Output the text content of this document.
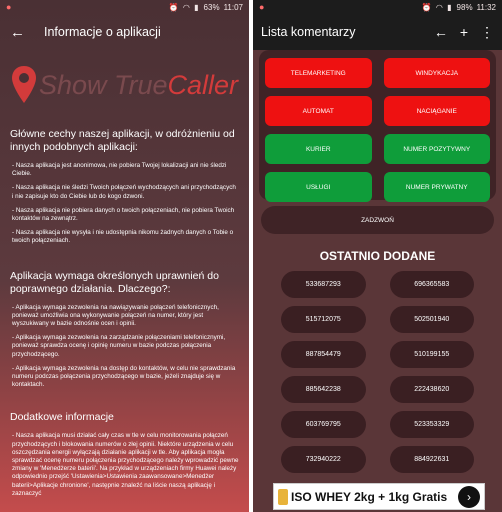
●	⏰ ◠ ▮ 63% 11:07
←	Informacje o aplikacji
Show TrueCaller
Główne cechy naszej aplikacji, w odróżnieniu od innych podobnych aplikacji:
- Nasza aplikacja jest anonimowa, nie pobiera Twojej lokalizacji ani nie śledzi Ciebie.
- Nasza aplikacja nie śledzi Twoich połączeń wychodzących ani przychodzących i nie zapisuje kto do Ciebie lub do kogo dzwoni.
- Nasza aplikacja nie pobiera danych o twoich połączeniach, nie pobiera Twoich kontaktów na zewnątrz.
- Nasza aplikacja nie wysyła i nie udostępnia nikomu żadnych danych o Tobie o twoich połączeniach.
Aplikacja wymaga określonych uprawnień do poprawnego działania. Dlaczego?:
- Aplikacja wymaga zezwolenia na nawiązywanie połączeń telefonicznych, ponieważ umożliwia ona wykonywanie połączeń na numer, który jest wyszukiwany w bazie odnośnie ocen i opinii.
- Aplikacja wymaga zezwolenia na zarządzanie połączeniami telefonicznymi, ponieważ sprawdza ocenę i opinię numeru w bazie podczas połączenia przychodzącego.
- Aplikacja wymaga zezwolenia na dostęp do kontaktów, w celu nie sprawdzania numeru podczas połączenia przychodzącego w bazie, jeżeli znajduje się w kontaktach.
Dodatkowe informacje
- Nasza aplikacja musi działać cały czas w tle w celu monitorowania połączeń przychodzących i blokowania numerów o złej opinii. Niektóre urządzenia w celu oszczędzania energii wyłączają działanie aplikacji w tle. Aby aplikacja mogła sprawdzać ocenę numeru połączenia przychodzącego należy wprowadzić pewne zmiany w 'Menedżerze baterii'. Na przykład w urządzeniach firmy Huawei należy odpowiednio przejść 'Ustawienia>Ustawienia zaawansowane>Menedżer baterii>Aplikacje chronione', następnie znaleźć na liście naszą aplikację i zaznaczyć
●	⏰ ◠ ▮ 98% 11:32
Lista komentarzy	← + ⋮
TELEMARKETING	WINDYKACJA
AUTOMAT	NACIĄGANIE
KURIER	NUMER POZYTYWNY
USŁUGI	NUMER PRYWATNY
ZADZWOŃ
OSTATNIO DODANE
533687293	696365583
515712075	502501940
887854479	510199155
885642238	222438620
603769795	523353329
732940222	884922631
ISO WHEY 2kg + 1kg Gratis	›
